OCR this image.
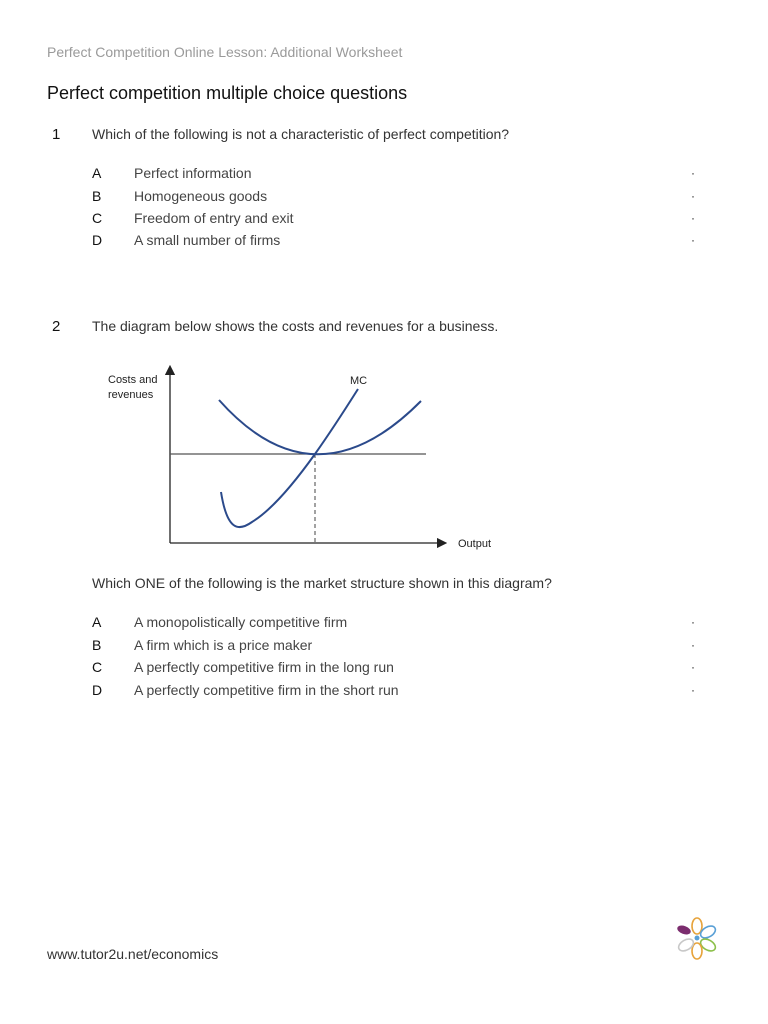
Perfect Competition Online Lesson: Additional Worksheet
Perfect competition multiple choice questions
1 Which of the following is not a characteristic of perfect competition?
A Perfect information	·
B Homogeneous goods	·
C Freedom of entry and exit	·
D A small number of firms	·
2 The diagram below shows the costs and revenues for a business.
Costs and
revenues
Output
MC
Which ONE of the following is the market structure shown in this diagram?
A A monopolistically competitive firm	·
B A firm which is a price maker	·
C A perfectly competitive firm in the long run	·
D A perfectly competitive firm in the short run	·
www.tutor2u.net/economics
